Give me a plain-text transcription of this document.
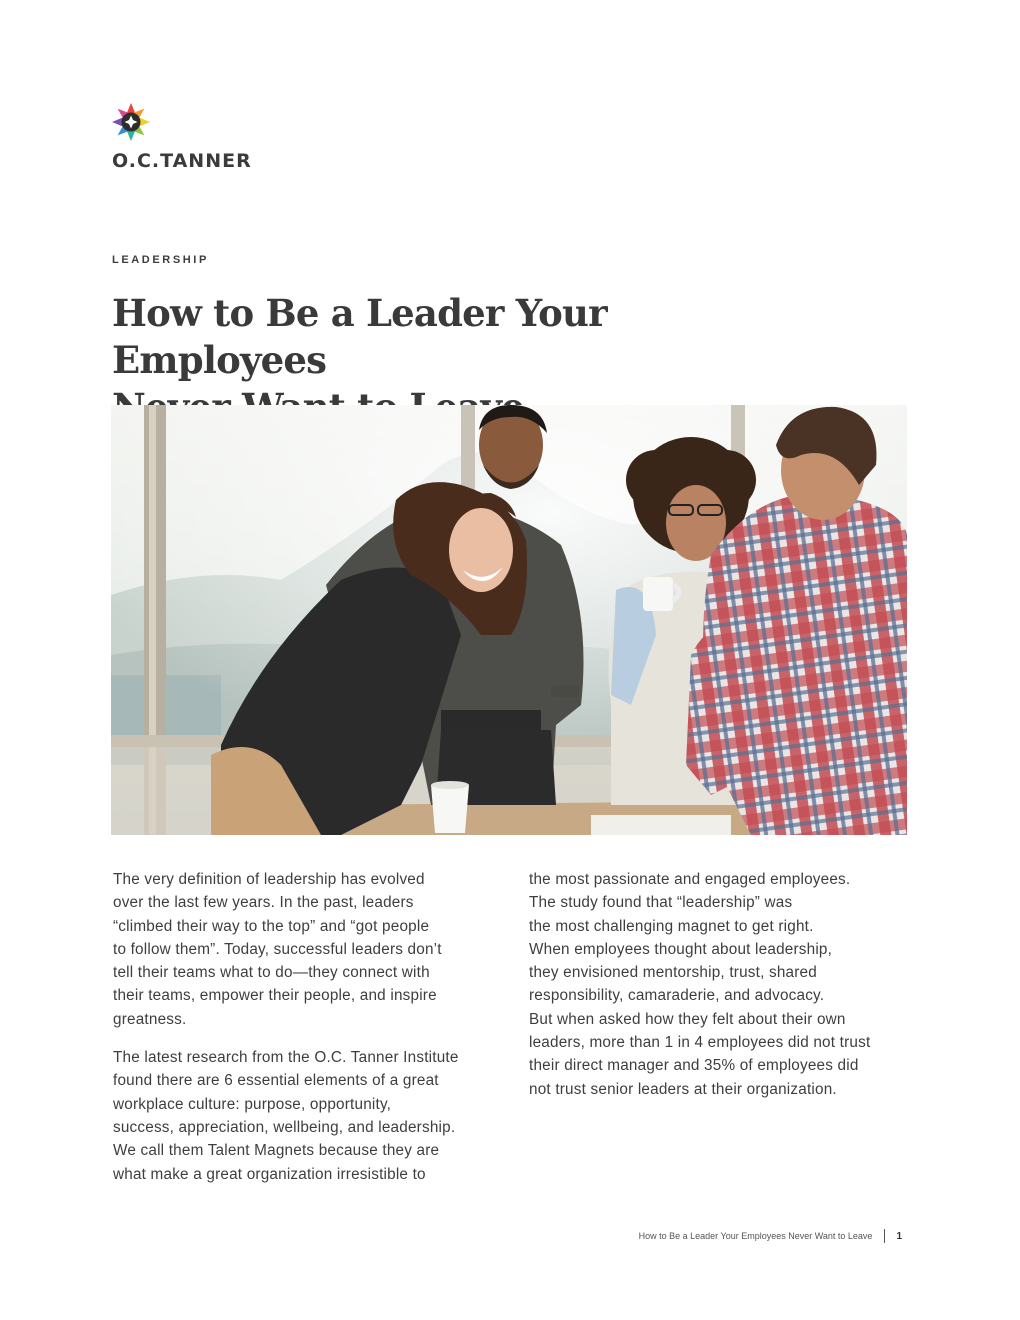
O.C.TANNER
LEADERSHIP
How to Be a Leader Your Employees

The very definition of leadership has evolved
over the last few years. In the past, leaders
“climbed their way to the top” and “got people
to follow them”. Today, successful leaders don’t
tell their teams what to do—they connect with
their teams, empower their people, and inspire
greatness.

The latest research from the O.C. Tanner Institute
found there are 6 essential elements of a great
workplace culture: purpose, opportunity,
success, appreciation, wellbeing, and leadership.
We call them Talent Magnets because they are
what make a great organization irresistible to

the most passionate and engaged employees.
The study found that “leadership” was
the most challenging magnet to get right.
When employees thought about leadership,
they envisioned mentorship, trust, shared
responsibility, camaraderie, and advocacy.
But when asked how they felt about their own
leaders, more than 1 in 4 employees did not trust
their direct manager and 35% of employees did
not trust senior leaders at their organization.

How to Be a Leader Your Employees Never Want to Leave 1
